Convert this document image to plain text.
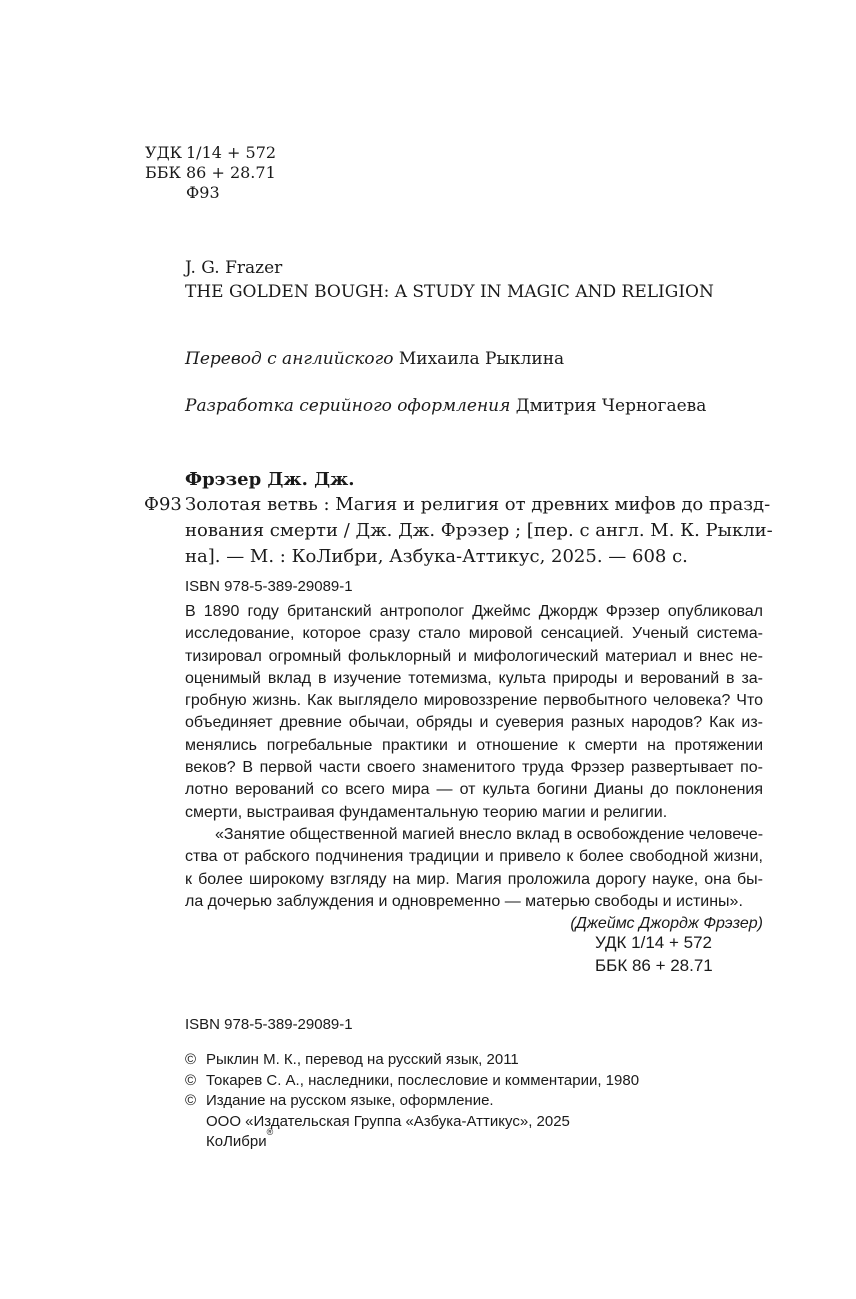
УДК 1/14 + 572
ББК 86 + 28.71
Ф93
J. G. Frazer
THE GOLDEN BOUGH: A STUDY IN MAGIC AND RELIGION
Перевод с английского Михаила Рыклина
Разработка серийного оформления Дмитрия Черногаева
Фрэзер Дж. Дж.
Ф93 Золотая ветвь : Магия и религия от древних мифов до празд-
нования смерти / Дж. Дж. Фрэзер ; [пер. с англ. М. К. Рыкли-
на]. — М. : КоЛибри, Азбука-Аттикус, 2025. — 608 с.
ISBN 978-5-389-29089-1
В 1890 году британский антрополог Джеймс Джордж Фрэзер опубликовал
исследование, которое сразу стало мировой сенсацией. Ученый система-
тизировал огромный фольклорный и мифологический материал и внес не-
оценимый вклад в изучение тотемизма, культа природы и верований в за-
гробную жизнь. Как выглядело мировоззрение первобытного человека? Что
объединяет древние обычаи, обряды и суеверия разных народов? Как из-
менялись погребальные практики и отношение к смерти на протяжении
веков? В первой части своего знаменитого труда Фрэзер развертывает по-
лотно верований со всего мира — от культа богини Дианы до поклонения
смерти, выстраивая фундаментальную теорию магии и религии.
«Занятие общественной магией внесло вклад в освобождение человече-
ства от рабского подчинения традиции и привело к более свободной жизни,
к более широкому взгляду на мир. Магия проложила дорогу науке, она бы-
ла дочерью заблуждения и одновременно — матерью свободы и истины».
(Джеймс Джордж Фрэзер)
УДК 1/14 + 572
ББК 86 + 28.71
ISBN 978-5-389-29089-1
© Рыклин М. К., перевод на русский язык, 2011
© Токарев С. А., наследники, послесловие и комментарии, 1980
© Издание на русском языке, оформление.
ООО «Издательская Группа «Азбука-Аттикус», 2025
КоЛибри
®
